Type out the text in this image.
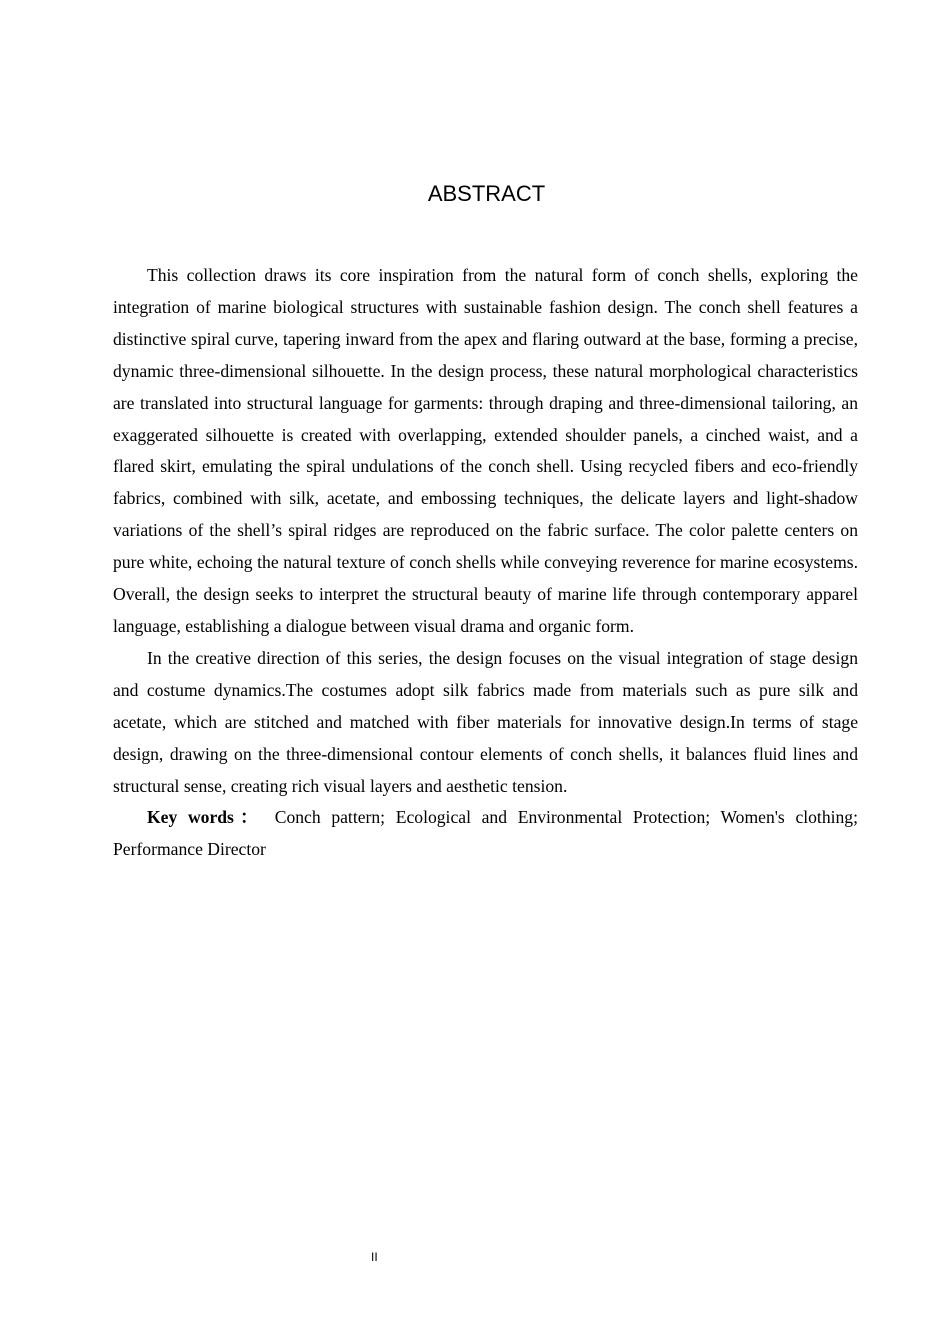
ABSTRACT

This collection draws its core inspiration from the natural form of conch shells, exploring the integration of marine biological structures with sustainable fashion design. The conch shell features a distinctive spiral curve, tapering inward from the apex and flaring outward at the base, forming a precise, dynamic three-dimensional silhouette. In the design process, these natural morphological characteristics are translated into structural language for garments: through draping and three-dimensional tailoring, an exaggerated silhouette is created with overlapping, extended shoulder panels, a cinched waist, and a flared skirt, emulating the spiral undulations of the conch shell. Using recycled fibers and eco-friendly fabrics, combined with silk, acetate, and embossing techniques, the delicate layers and light-shadow variations of the shell’s spiral ridges are reproduced on the fabric surface. The color palette centers on pure white, echoing the natural texture of conch shells while conveying reverence for marine ecosystems. Overall, the design seeks to interpret the structural beauty of marine life through contemporary apparel language, establishing a dialogue between visual drama and organic form.

In the creative direction of this series, the design focuses on the visual integration of stage design and costume dynamics.The costumes adopt silk fabrics made from materials such as pure silk and acetate, which are stitched and matched with fiber materials for innovative design.In terms of stage design, drawing on the three-dimensional contour elements of conch shells, it balances fluid lines and structural sense, creating rich visual layers and aesthetic tension.

Key words： Conch pattern; Ecological and Environmental Protection; Women's clothing; Performance Director

II
